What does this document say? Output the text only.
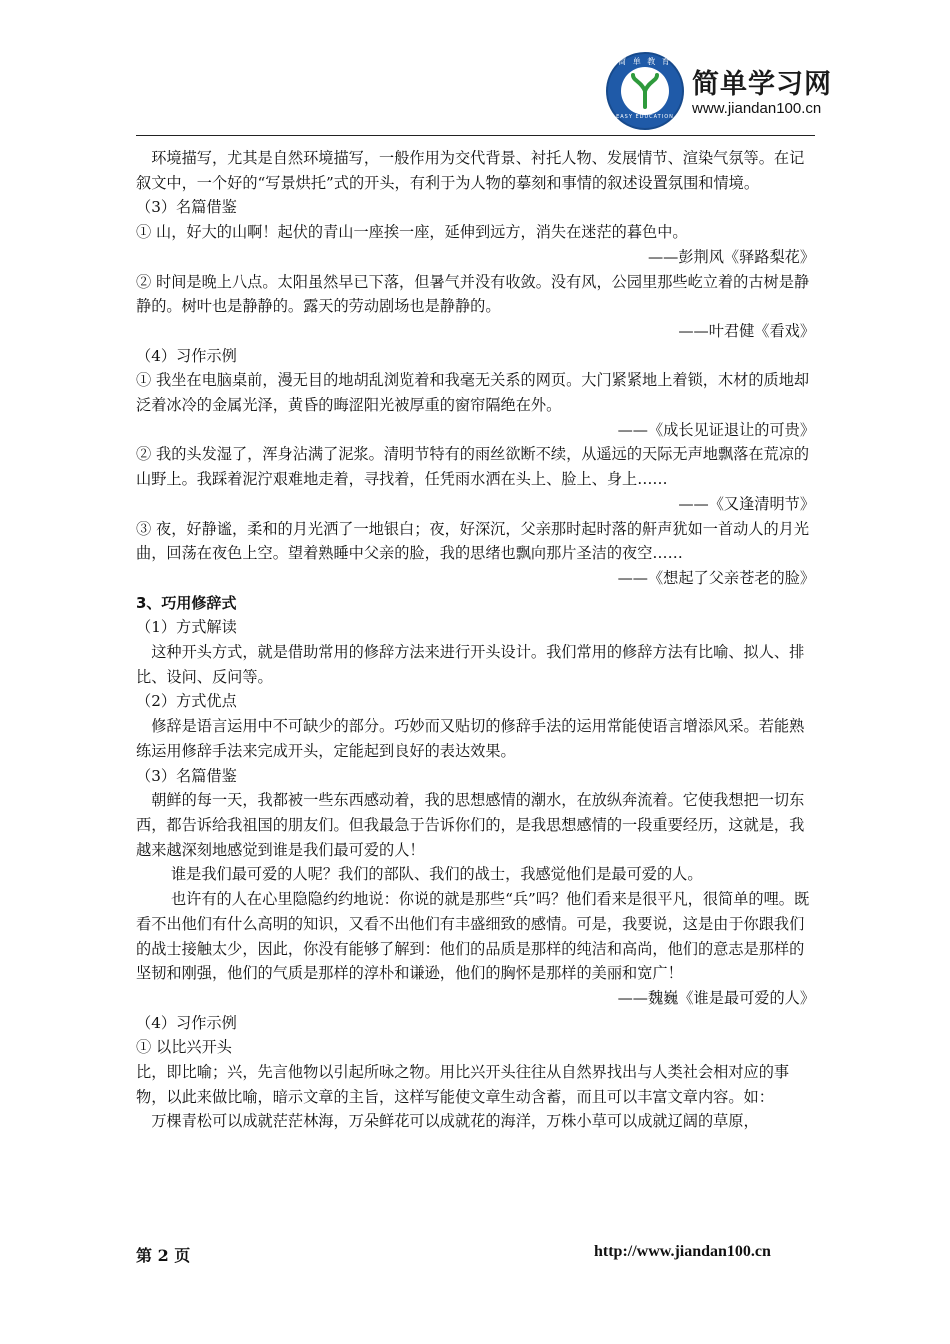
简 单 教 育
EASY EDUCATION
简单学习网
www.jiandan100.cn

环境描写，尤其是自然环境描写，一般作用为交代背景、衬托人物、发展情节、渲染气氛等。在记叙文中，一个好的“写景烘托”式的开头，有利于为人物的摹刻和事情的叙述设置氛围和情境。

（3）名篇借鉴

① 山，好大的山啊！起伏的青山一座挨一座，延伸到远方，消失在迷茫的暮色中。

——彭荆风《驿路梨花》

② 时间是晚上八点。太阳虽然早已下落，但暑气并没有收敛。没有风，公园里那些屹立着的古树是静静的。树叶也是静静的。露天的劳动剧场也是静静的。

——叶君健《看戏》

（4）习作示例

① 我坐在电脑桌前，漫无目的地胡乱浏览着和我毫无关系的网页。大门紧紧地上着锁，木材的质地却泛着冰冷的金属光泽，黄昏的晦涩阳光被厚重的窗帘隔绝在外。

——《成长见证退让的可贵》

② 我的头发湿了，浑身沾满了泥浆。清明节特有的雨丝欲断不续，从遥远的天际无声地飘落在荒凉的山野上。我踩着泥泞艰难地走着，寻找着，任凭雨水洒在头上、脸上、身上……

——《又逢清明节》

③ 夜，好静谧，柔和的月光洒了一地银白；夜，好深沉，父亲那时起时落的鼾声犹如一首动人的月光曲，回荡在夜色上空。望着熟睡中父亲的脸，我的思绪也飘向那片圣洁的夜空……

——《想起了父亲苍老的脸》

3、巧用修辞式

（1）方式解读

这种开头方式，就是借助常用的修辞方法来进行开头设计。我们常用的修辞方法有比喻、拟人、排比、设问、反问等。

（2）方式优点

修辞是语言运用中不可缺少的部分。巧妙而又贴切的修辞手法的运用常能使语言增添风采。若能熟练运用修辞手法来完成开头，定能起到良好的表达效果。

（3）名篇借鉴

朝鲜的每一天，我都被一些东西感动着，我的思想感情的潮水，在放纵奔流着。它使我想把一切东西，都告诉给我祖国的朋友们。但我最急于告诉你们的，是我思想感情的一段重要经历，这就是，我越来越深刻地感觉到谁是我们最可爱的人！

谁是我们最可爱的人呢？我们的部队、我们的战士，我感觉他们是最可爱的人。

也许有的人在心里隐隐约约地说：你说的就是那些“兵”吗？他们看来是很平凡，很简单的哩。既看不出他们有什么高明的知识，又看不出他们有丰盛细致的感情。可是，我要说，这是由于你跟我们的战士接触太少，因此，你没有能够了解到：他们的品质是那样的纯洁和高尚，他们的意志是那样的坚韧和刚强，他们的气质是那样的淳朴和谦逊，他们的胸怀是那样的美丽和宽广！

——魏巍《谁是最可爱的人》

（4）习作示例

① 以比兴开头

比，即比喻；兴，先言他物以引起所咏之物。用比兴开头往往从自然界找出与人类社会相对应的事物，以此来做比喻，暗示文章的主旨，这样写能使文章生动含蓄，而且可以丰富文章内容。如：

万棵青松可以成就茫茫林海，万朵鲜花可以成就花的海洋，万株小草可以成就辽阔的草原，

第 2 页	http://www.jiandan100.cn
